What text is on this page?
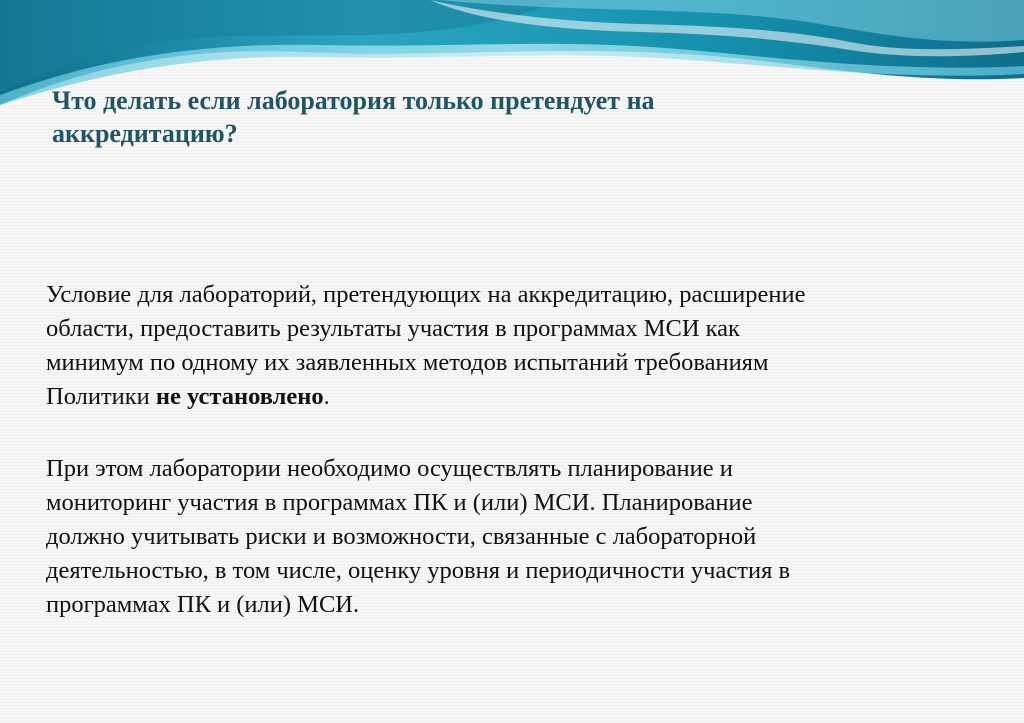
Что делать если лаборатория только претендует на
аккредитацию?

Условие для лабораторий, претендующих на аккредитацию, расширение
области, предоставить результаты участия в программах МСИ как
минимум по одному их заявленных методов испытаний требованиям
Политики не установлено.

При этом лаборатории необходимо осуществлять планирование и
мониторинг участия в программах ПК и (или) МСИ. Планирование
должно учитывать риски и возможности, связанные с лабораторной
деятельностью, в том числе, оценку уровня и периодичности участия в
программах ПК и (или) МСИ.
